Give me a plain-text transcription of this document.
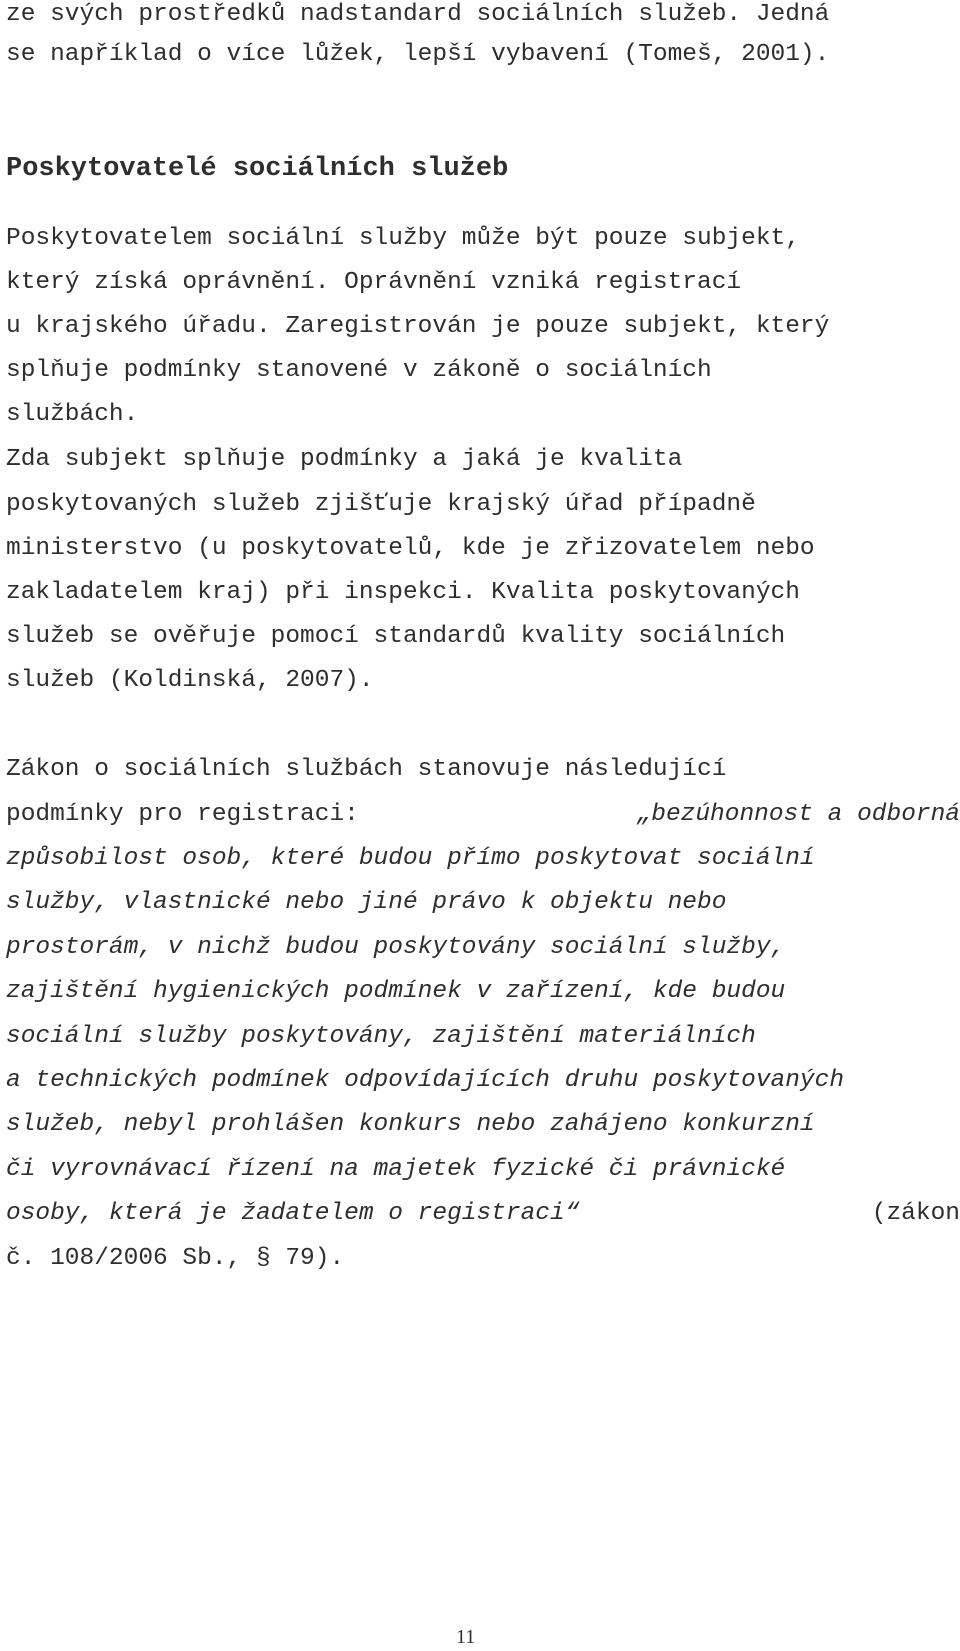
ze svých prostředků nadstandard sociálních služeb. Jedná
se například o více lůžek, lepší vybavení (Tomeš, 2001).
Poskytovatelé sociálních služeb
Poskytovatelem sociální služby může být pouze subjekt,
který získá oprávnění. Oprávnění vzniká registrací
u krajského úřadu. Zaregistrován je pouze subjekt, který
splňuje podmínky stanovené v zákoně o sociálních
službách.
Zda subjekt splňuje podmínky a jaká je kvalita
poskytovaných služeb zjišťuje krajský úřad případně
ministerstvo (u poskytovatelů, kde je zřizovatelem nebo
zakladatelem kraj) při inspekci. Kvalita poskytovaných
služeb se ověřuje pomocí standardů kvality sociálních
služeb (Koldinská, 2007).
Zákon o sociálních službách stanovuje následující
podmínky pro registraci:	„bezúhonnost a odborná
způsobilost osob, které budou přímo poskytovat sociální
služby, vlastnické nebo jiné právo k objektu nebo
prostorám, v nichž budou poskytovány sociální služby,
zajištění hygienických podmínek v zařízení, kde budou
sociální služby poskytovány, zajištění materiálních
a technických podmínek odpovídajících druhu poskytovaných
služeb, nebyl prohlášen konkurs nebo zahájeno konkurzní
či vyrovnávací řízení na majetek fyzické či právnické
osoby, která je žadatelem o registraci“	(zákon
č. 108/2006 Sb., § 79).
11
